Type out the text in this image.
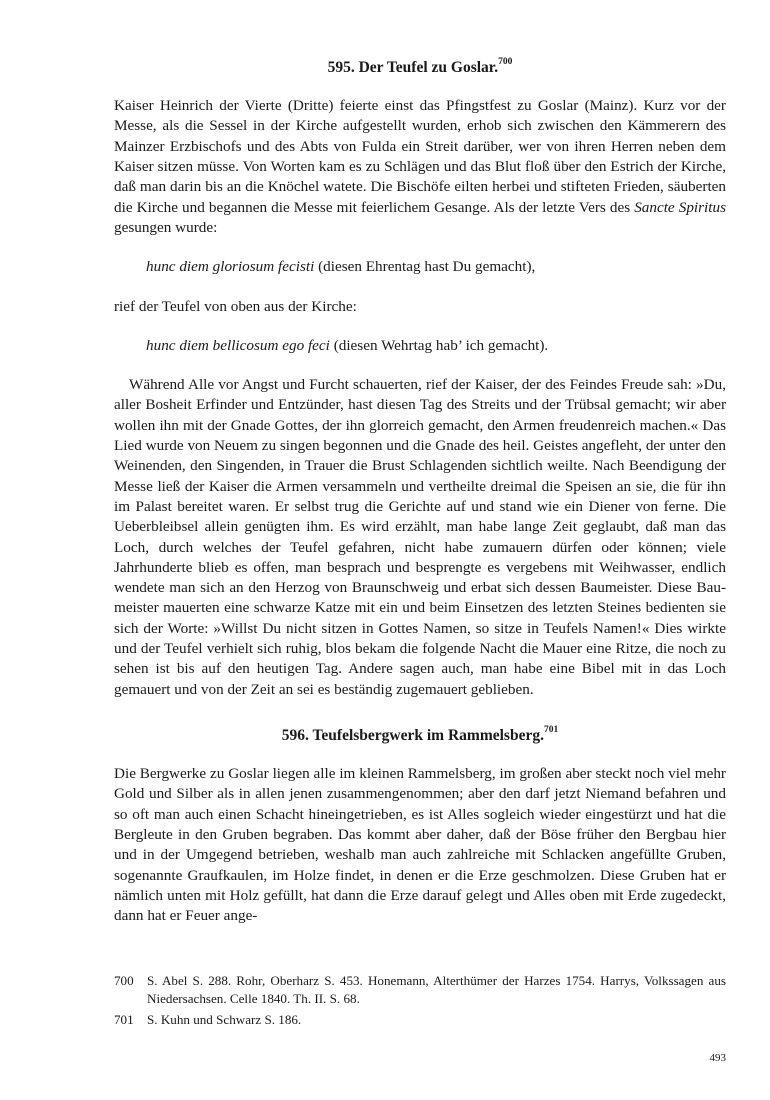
595. Der Teufel zu Goslar.$^{700}$

Kaiser Heinrich der Vierte (Dritte) feierte einst das Pfingstfest zu Goslar (Mainz). Kurz vor der Messe, als die Sessel in der Kirche aufgestellt wurden, erhob sich zwischen den Kämmerern des Mainzer Erzbischofs und des Abts von Fulda ein Streit darüber, wer von ihren Herren neben dem Kaiser sitzen müsse. Von Worten kam es zu Schlägen und das Blut floß über den Estrich der Kirche, daß man darin bis an die Knöchel watete. Die Bischöfe eilten herbei und stifteten Frieden, säuberten die Kirche und begannen die Messe mit feierlichem Gesange. Als der letzte Vers des Sancte Spiritus gesungen wurde:

hunc diem gloriosum fecisti (diesen Ehrentag hast Du gemacht),

rief der Teufel von oben aus der Kirche:

hunc diem bellicosum ego feci (diesen Wehrtag hab’ ich gemacht).

Während Alle vor Angst und Furcht schauerten, rief der Kaiser, der des Feindes Freude sah: »Du, aller Bosheit Erfinder und Entzünder, hast diesen Tag des Streits und der Trübsal gemacht; wir aber wollen ihn mit der Gnade Gottes, der ihn glorreich gemacht, den Armen freudenreich machen.« Das Lied wurde von Neuem zu singen begonnen und die Gnade des heil. Geistes angefleht, der unter den Weinenden, den Singenden, in Trauer die Brust Schlagenden sichtlich weilte. Nach Beendigung der Messe ließ der Kaiser die Armen versammeln und vertheilte dreimal die Speisen an sie, die für ihn im Palast bereitet waren. Er selbst trug die Gerichte auf und stand wie ein Diener von ferne. Die Ueberbleibsel allein genügten ihm. Es wird erzählt, man habe lange Zeit geglaubt, daß man das Loch, durch welches der Teufel gefahren, nicht habe zumauern dürfen oder können; viele Jahrhunderte blieb es offen, man besprach und besprengte es vergebens mit Weihwasser, endlich wendete man sich an den Herzog von Braunschweig und erbat sich dessen Baumeister. Diese Baumeister mauerten eine schwarze Katze mit ein und beim Einsetzen des letzten Steines bedienten sie sich der Worte: »Willst Du nicht sitzen in Gottes Namen, so sitze in Teufels Namen!« Dies wirkte und der Teufel verhielt sich ruhig, blos bekam die folgende Nacht die Mauer eine Ritze, die noch zu sehen ist bis auf den heutigen Tag. Andere sagen auch, man habe eine Bibel mit in das Loch gemauert und von der Zeit an sei es beständig zugemauert geblieben.

596. Teufelsbergwerk im Rammelsberg.$^{701}$

Die Bergwerke zu Goslar liegen alle im kleinen Rammelsberg, im großen aber steckt noch viel mehr Gold und Silber als in allen jenen zusammengenommen; aber den darf jetzt Niemand befahren und so oft man auch einen Schacht hineingetrieben, es ist Alles sogleich wieder eingestürzt und hat die Bergleute in den Gruben begraben. Das kommt aber daher, daß der Böse früher den Bergbau hier und in der Umgegend betrieben, weshalb man auch zahlreiche mit Schlacken angefüllte Gruben, sogenannte Graufkaulen, im Holze findet, in denen er die Erze geschmolzen. Diese Gruben hat er nämlich unten mit Holz gefüllt, hat dann die Erze darauf gelegt und Alles oben mit Erde zugedeckt, dann hat er Feuer ange-

700	S. Abel S. 288. Rohr, Oberharz S. 453. Honemann, Alterthümer der Harzes 1754. Harrys, Volkssagen aus Niedersachsen. Celle 1840. Th. II. S. 68.
701	S. Kuhn und Schwarz S. 186.
493
